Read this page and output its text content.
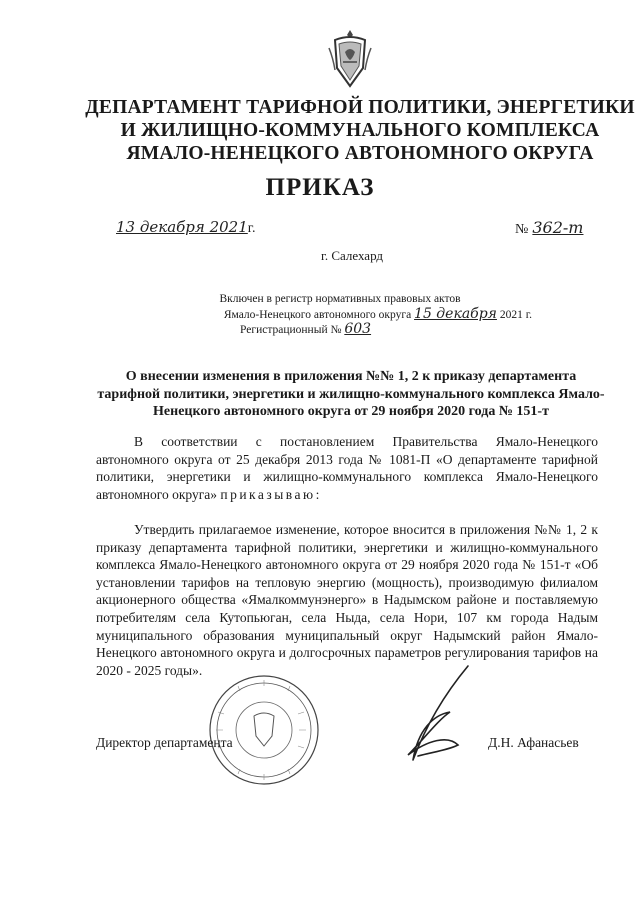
ДЕПАРТАМЕНТ ТАРИФНОЙ ПОЛИТИКИ, ЭНЕРГЕТИКИ
И ЖИЛИЩНО-КОММУНАЛЬНОГО КОМПЛЕКСА
ЯМАЛО-НЕНЕЦКОГО АВТОНОМНОГО ОКРУГА
ПРИКАЗ
13 декабря 2021г.	№ 362-т
г. Салехард
Включен в регистр нормативных правовых актов
Ямало-Ненецкого автономного округа 15 декабря 2021 г.
Регистрационный № 603
О внесении изменения в приложения №№ 1, 2 к приказу департамента тарифной политики, энергетики и жилищно-коммунального комплекса Ямало-Ненецкого автономного округа от 29 ноября 2020 года № 151-т
В соответствии с постановлением Правительства Ямало-Ненецкого автономного округа от 25 декабря 2013 года № 1081-П «О департаменте тарифной политики, энергетики и жилищно-коммунального комплекса Ямало-Ненецкого автономного округа» приказываю:
Утвердить прилагаемое изменение, которое вносится в приложения №№ 1, 2 к приказу департамента тарифной политики, энергетики и жилищно-коммунального комплекса Ямало-Ненецкого автономного округа от 29 ноября 2020 года № 151-т «Об установлении тарифов на тепловую энергию (мощность), производимую филиалом акционерного общества «Ямалкоммунэнерго» в Надымском районе и поставляемую потребителям села Кутопьюган, села Ныда, села Нори, 107 км города Надым муниципального образования муниципальный округ Надымский район Ямало-Ненецкого автономного округа и долгосрочных параметров регулирования тарифов на 2020 - 2025 годы».
Директор департамента	Д.Н. Афанасьев
